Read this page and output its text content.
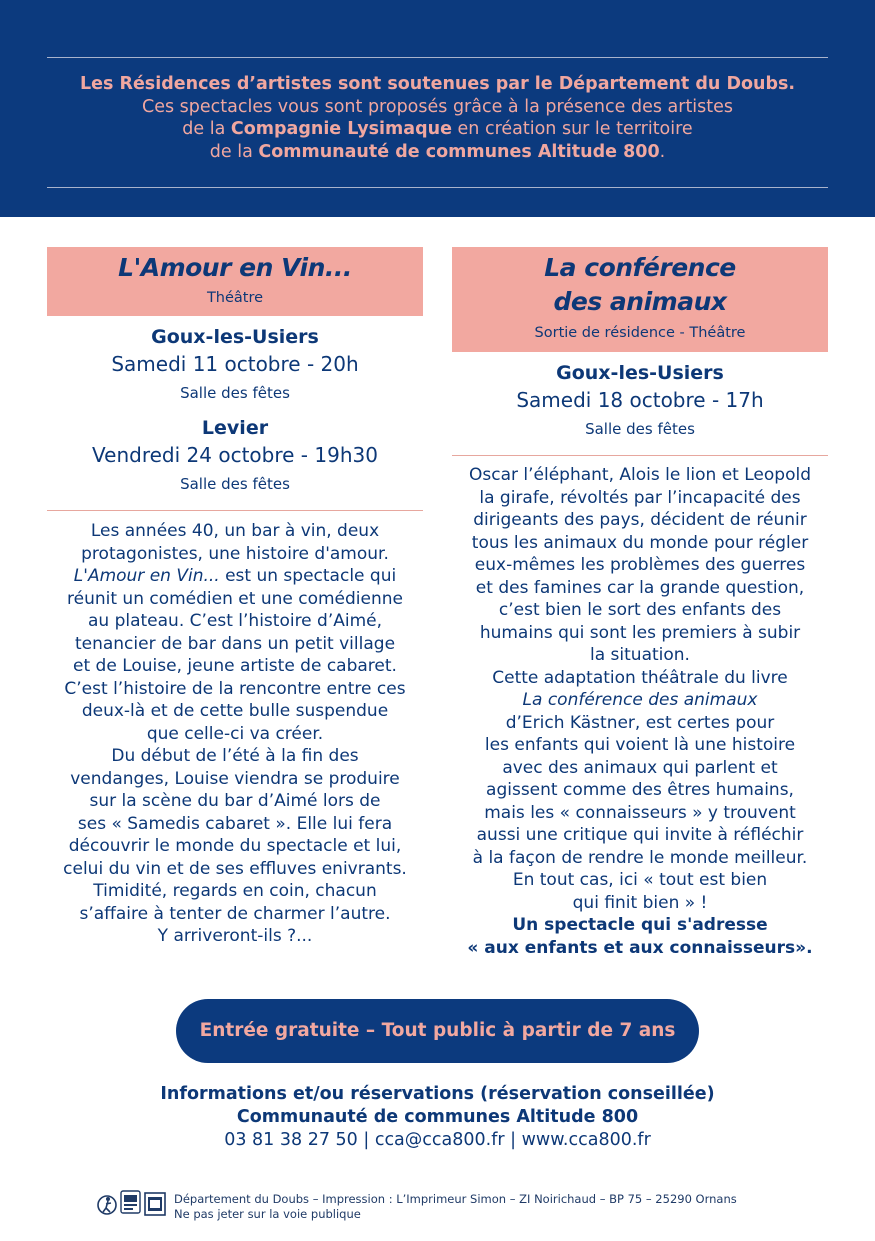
Les Résidences d’artistes sont soutenues par le Département du Doubs.
Ces spectacles vous sont proposés grâce à la présence des artistes
de la Compagnie Lysimaque en création sur le territoire
de la Communauté de communes Altitude 800.
L'Amour en Vin...
Théâtre
Goux-les-Usiers
Samedi 11 octobre - 20h
Salle des fêtes
Levier
Vendredi 24 octobre - 19h30
Salle des fêtes
Les années 40, un bar à vin, deux
protagonistes, une histoire d'amour.
L'Amour en Vin... est un spectacle qui
réunit un comédien et une comédienne
au plateau. C’est l’histoire d’Aimé,
tenancier de bar dans un petit village
et de Louise, jeune artiste de cabaret.
C’est l’histoire de la rencontre entre ces
deux-là et de cette bulle suspendue
que celle-ci va créer.
Du début de l’été à la fin des
vendanges, Louise viendra se produire
sur la scène du bar d’Aimé lors de
ses « Samedis cabaret ». Elle lui fera
découvrir le monde du spectacle et lui,
celui du vin et de ses effluves enivrants.
Timidité, regards en coin, chacun
s’affaire à tenter de charmer l’autre.
Y arriveront-ils ?...
La conférence
des animaux
Sortie de résidence - Théâtre
Goux-les-Usiers
Samedi 18 octobre - 17h
Salle des fêtes
Oscar l’éléphant, Alois le lion et Leopold
la girafe, révoltés par l’incapacité des
dirigeants des pays, décident de réunir
tous les animaux du monde pour régler
eux-mêmes les problèmes des guerres
et des famines car la grande question,
c’est bien le sort des enfants des
humains qui sont les premiers à subir
la situation.
Cette adaptation théâtrale du livre
La conférence des animaux
d’Erich Kästner, est certes pour
les enfants qui voient là une histoire
avec des animaux qui parlent et
agissent comme des êtres humains,
mais les « connaisseurs » y trouvent
aussi une critique qui invite à réfléchir
à la façon de rendre le monde meilleur.
En tout cas, ici « tout est bien
qui finit bien » !
Un spectacle qui s'adresse
« aux enfants et aux connaisseurs».
Entrée gratuite – Tout public à partir de 7 ans
Informations et/ou réservations (réservation conseillée)
Communauté de communes Altitude 800
03 81 38 27 50 | cca@cca800.fr | www.cca800.fr
Département du Doubs – Impression : L’Imprimeur Simon – ZI Noirichaud – BP 75 – 25290 Ornans
Ne pas jeter sur la voie publique
